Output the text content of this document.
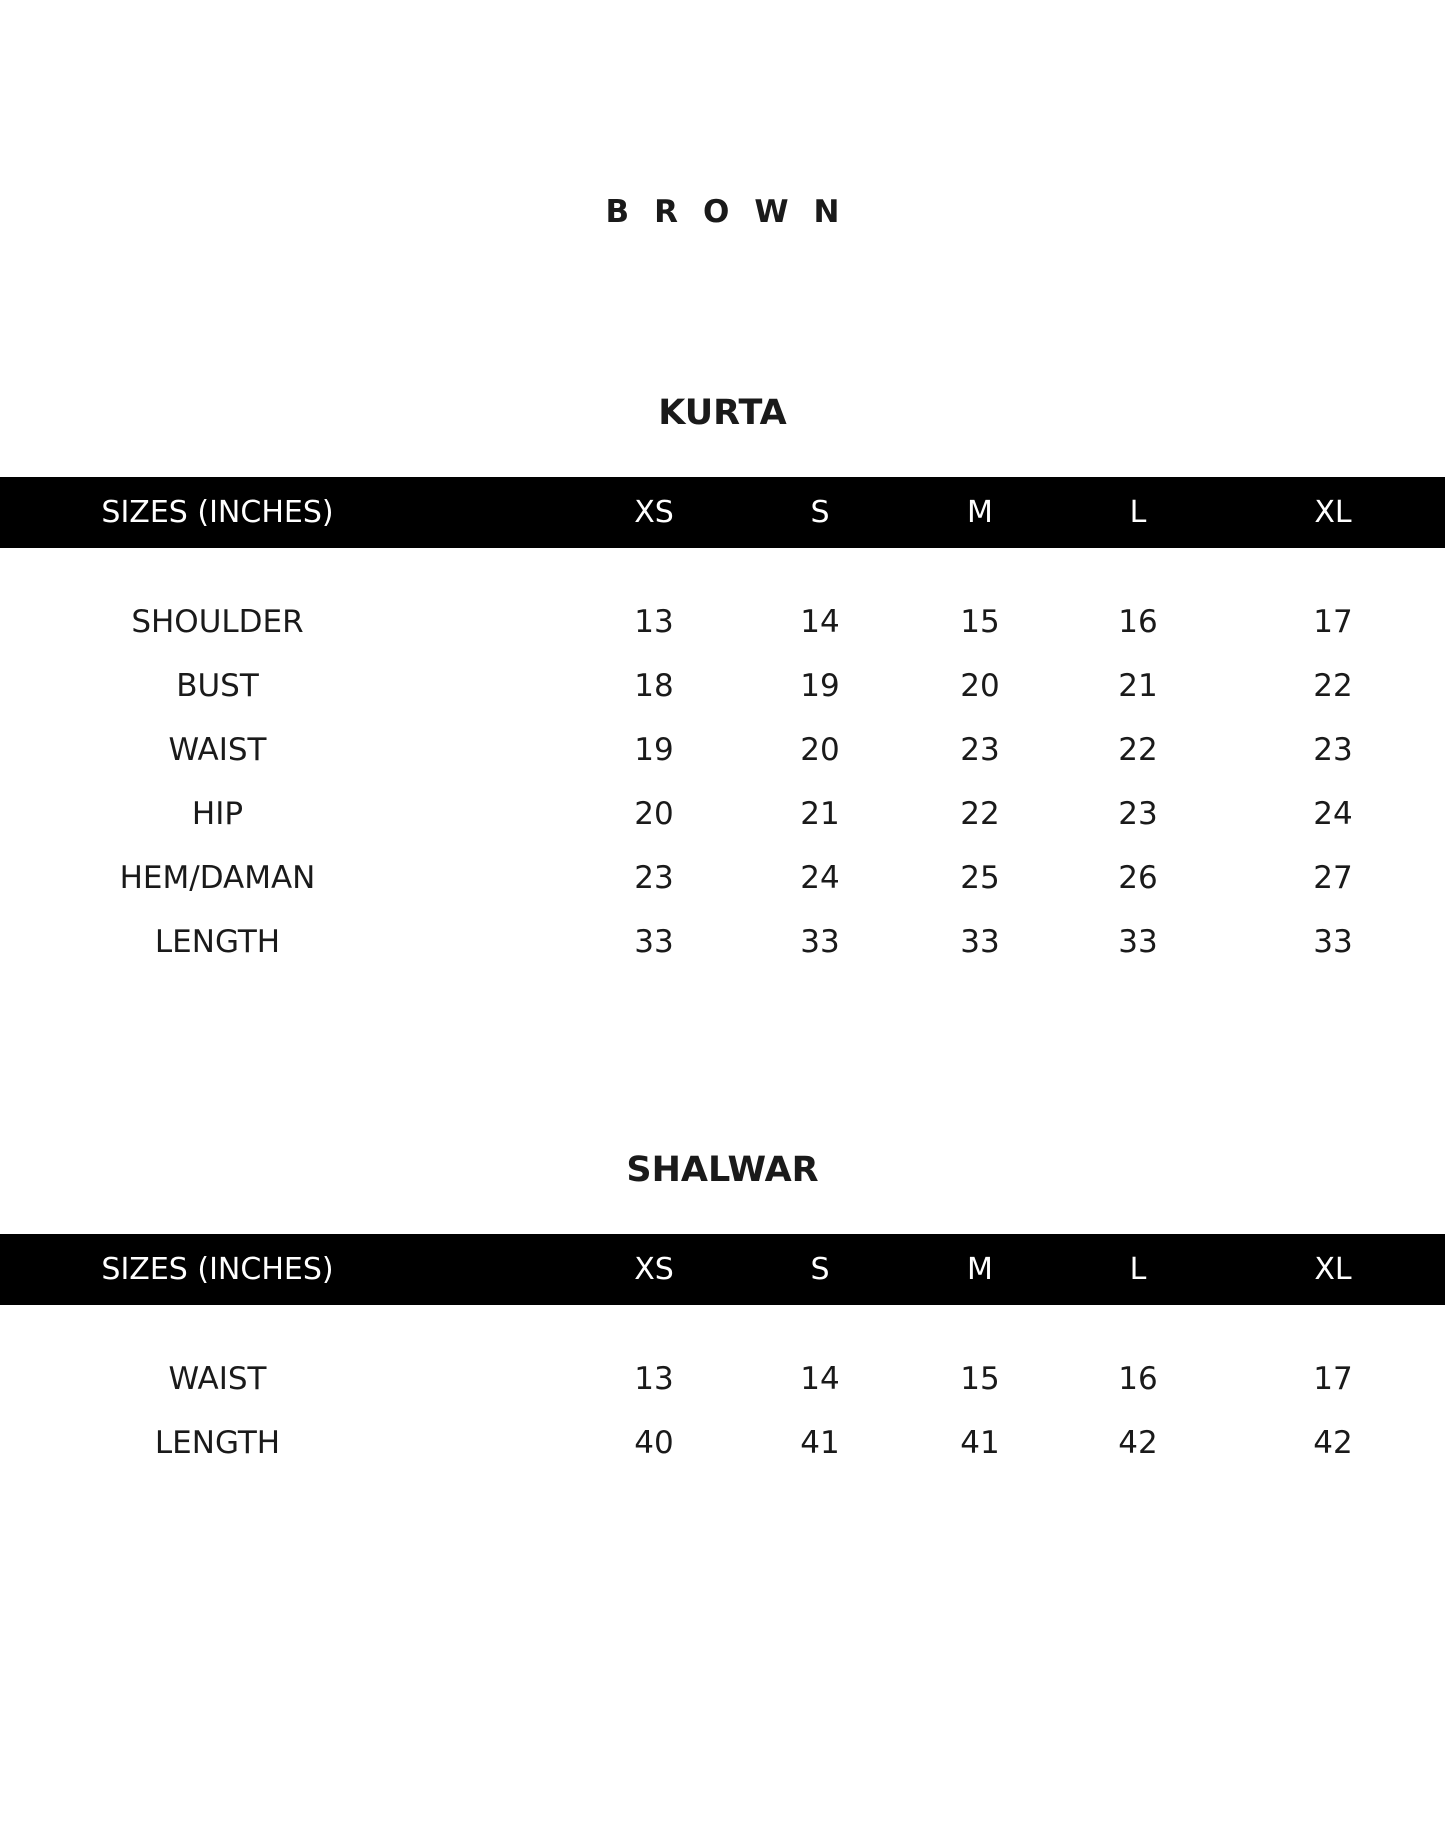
BROWN
KURTA
SIZES (INCHES)	XS	S	M	L	XL

SHOULDER	13	14	15	16	17
BUST	18	19	20	21	22
WAIST	19	20	23	22	23
HIP	20	21	22	23	24
HEM/DAMAN	23	24	25	26	27
LENGTH	33	33	33	33	33
SHALWAR
SIZES (INCHES)	XS	S	M	L	XL

WAIST	13	14	15	16	17
LENGTH	40	41	41	42	42
